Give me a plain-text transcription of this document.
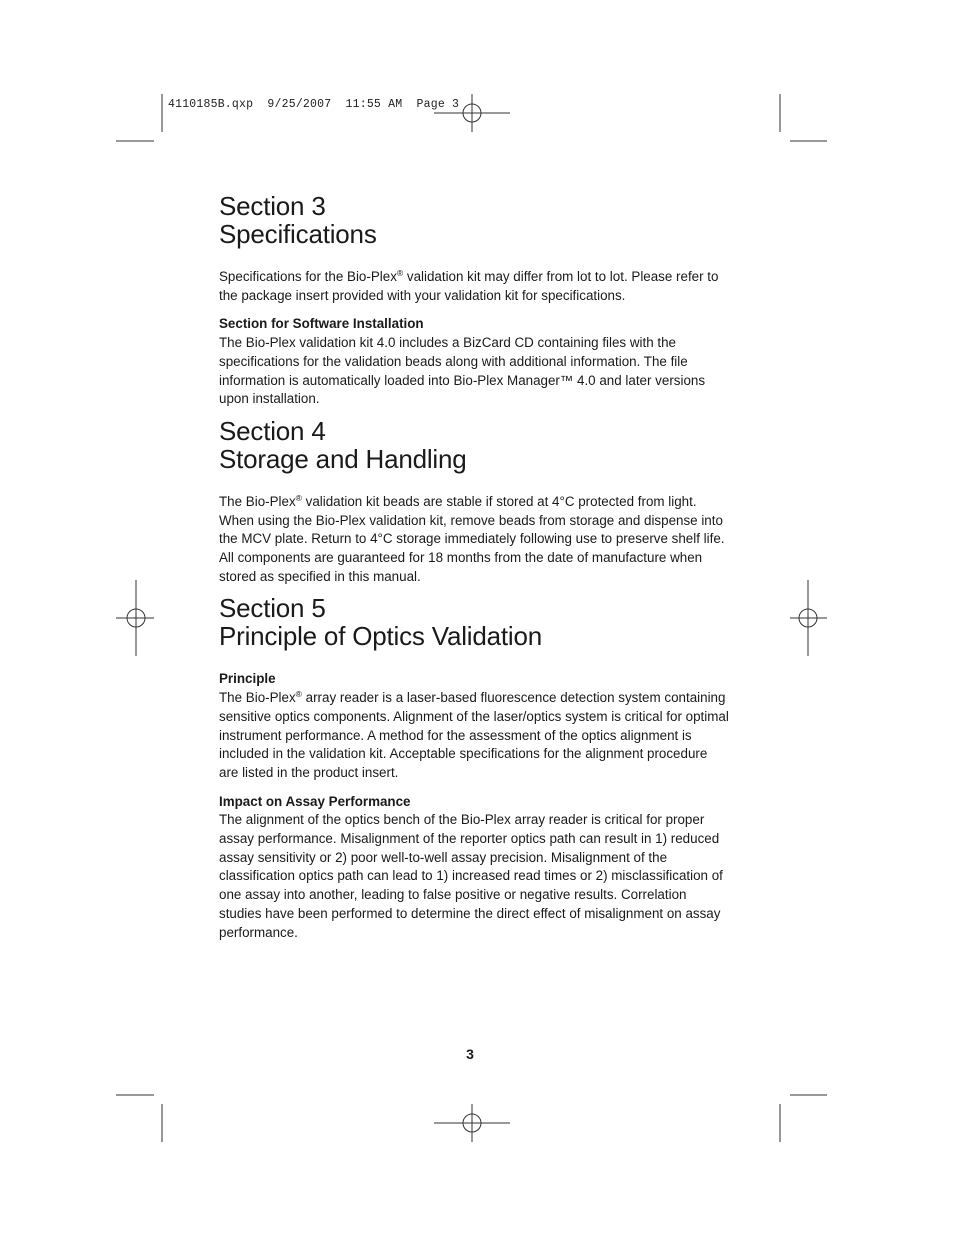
4110185B.qxp  9/25/2007  11:55 AM  Page 3
Section 3
Specifications

Specifications for the Bio-Plex® validation kit may differ from lot to lot. Please refer to the package insert provided with your validation kit for specifications.

Section for Software Installation

The Bio-Plex validation kit 4.0 includes a BizCard CD containing files with the specifications for the validation beads along with additional information. The file information is automatically loaded into Bio-Plex Manager™ 4.0 and later versions upon installation.

Section 4
Storage and Handling

The Bio-Plex® validation kit beads are stable if stored at 4°C protected from light. When using the Bio-Plex validation kit, remove beads from storage and dispense into the MCV plate. Return to 4°C storage immediately following use to preserve shelf life. All components are guaranteed for 18 months from the date of manufacture when stored as specified in this manual.

Section 5
Principle of Optics Validation

Principle

The Bio-Plex® array reader is a laser-based fluorescence detection system containing sensitive optics components. Alignment of the laser/optics system is critical for optimal instrument performance. A method for the assessment of the optics alignment is included in the validation kit. Acceptable specifications for the alignment procedure are listed in the product insert.

Impact on Assay Performance

The alignment of the optics bench of the Bio-Plex array reader is critical for proper assay performance. Misalignment of the reporter optics path can result in 1) reduced assay sensitivity or 2) poor well-to-well assay precision. Misalignment of the classification optics path can lead to 1) increased read times or 2) misclassification of one assay into another, leading to false positive or negative results. Correlation studies have been performed to determine the direct effect of misalignment on assay performance.

3
